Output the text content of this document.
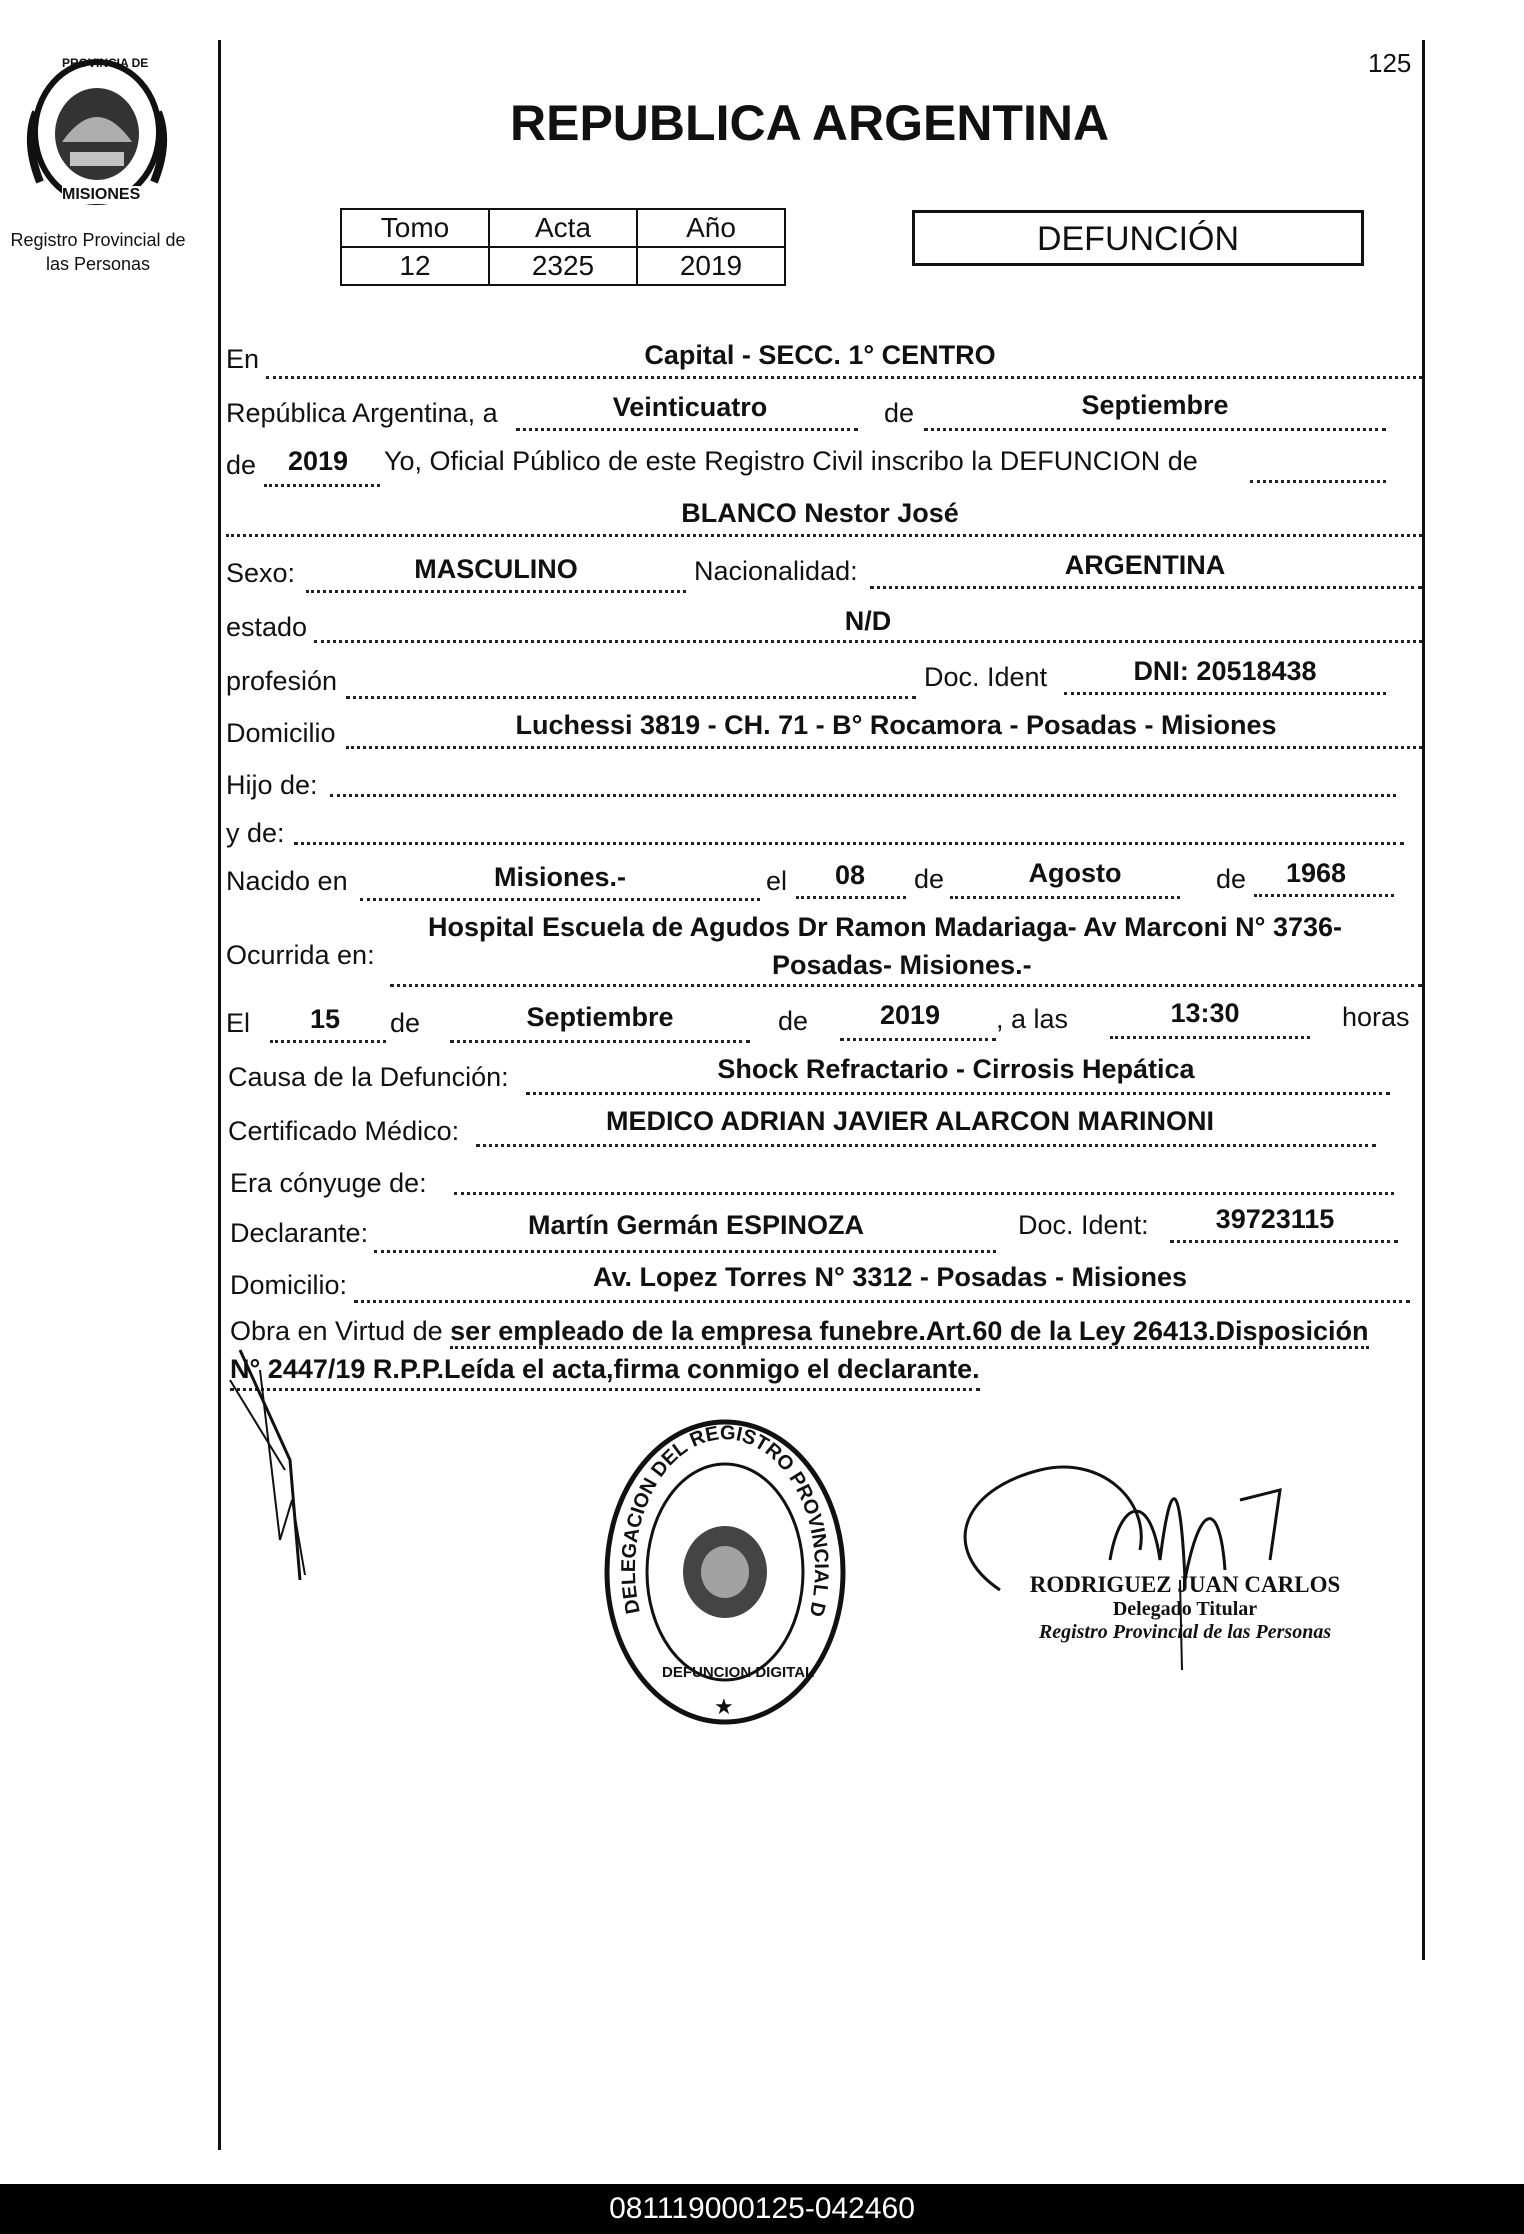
125
PROVINCIA DE
MISIONES
Registro Provincial de
las Personas
REPUBLICA ARGENTINA
Tomo	Acta	Año
12	2325	2019
DEFUNCIÓN
En	Capital - SECC. 1° CENTRO
República Argentina, a	Veinticuatro	de	Septiembre
de	2019	Yo, Oficial Público de este Registro Civil inscribo la DEFUNCION de
BLANCO Nestor José
Sexo:	MASCULINO	Nacionalidad:	ARGENTINA
estado	N/D
profesión	Doc. Ident	DNI: 20518438
Domicilio	Luchessi 3819 - CH. 71 - B° Rocamora - Posadas - Misiones
Hijo de:
y de:
Nacido en	Misiones.-	el	08	de	Agosto	de	1968
Ocurrida en:
Hospital Escuela de Agudos Dr Ramon Madariaga- Av Marconi N° 3736-
Posadas- Misiones.-
El	15	de	Septiembre	de	2019	, a las	13:30	horas
Causa de la Defunción:	Shock Refractario - Cirrosis Hepática
Certificado Médico:	MEDICO ADRIAN JAVIER ALARCON MARINONI
Era cónyuge de:
Declarante:	Martín Germán ESPINOZA	Doc. Ident:	39723115
Domicilio:	Av. Lopez Torres N° 3312 - Posadas - Misiones
Obra en Virtud de ser empleado de la empresa funebre.Art.60 de la Ley 26413.Disposición
N° 2447/19 R.P.P.Leída el acta,firma conmigo el declarante.
DELEGACION DEL REGISTRO PROVINCIAL D
DEFUNCION DIGITAL
★
RODRIGUEZ JUAN CARLOS
Delegado Titular
Registro Provincial de las Personas
081119000125-042460
